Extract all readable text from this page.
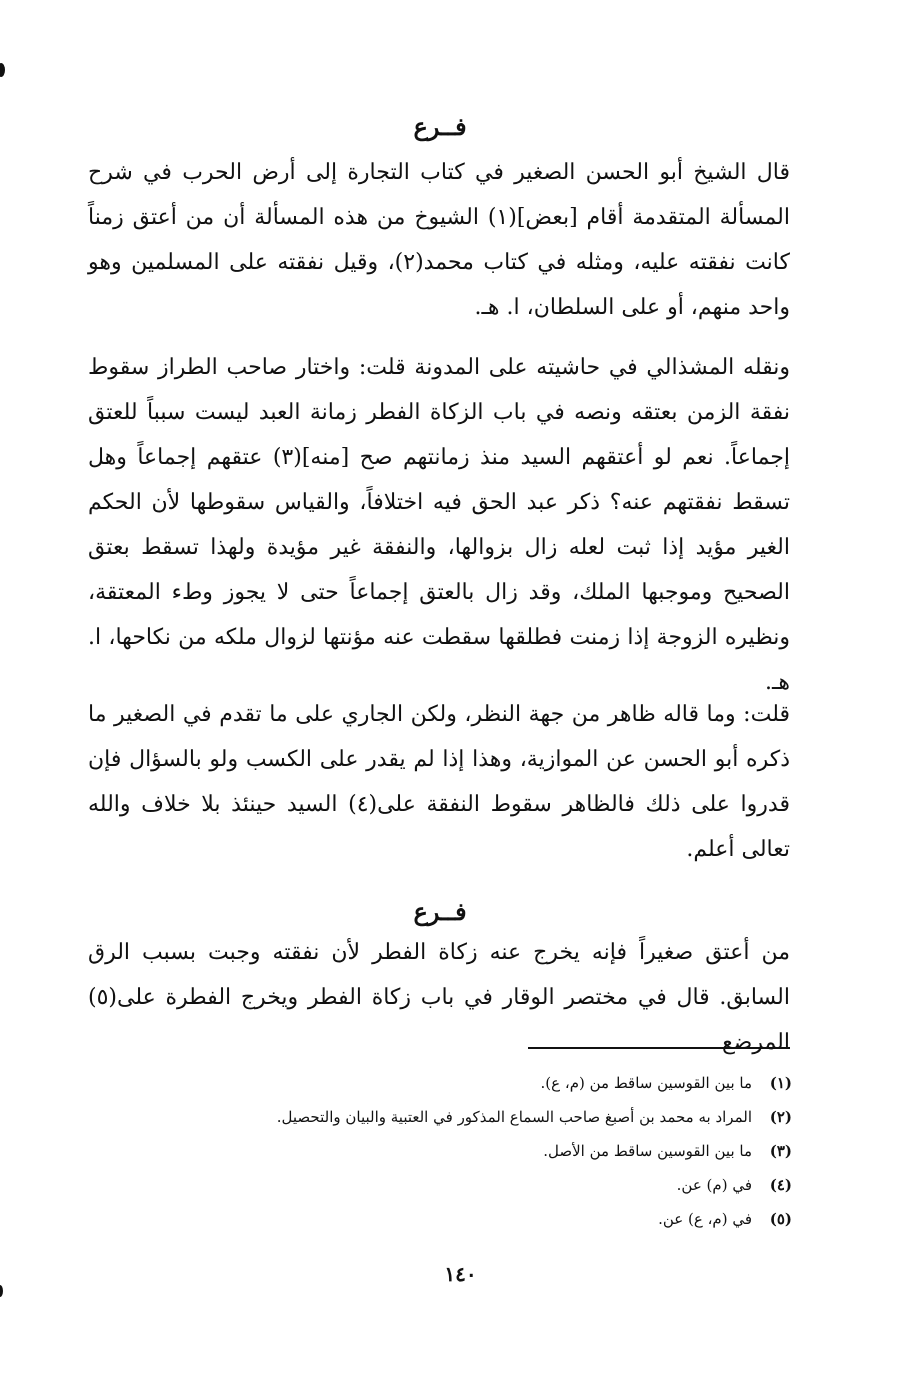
فــرع

قال الشيخ أبو الحسن الصغير في كتاب التجارة إلى أرض الحرب في شرح المسألة المتقدمة أقام [بعض](١) الشيوخ من هذه المسألة أن من أعتق زمناً كانت نفقته عليه، ومثله في كتاب محمد(٢)، وقيل نفقته على المسلمين وهو واحد منهم، أو على السلطان، ا. هـ.

ونقله المشذالي في حاشيته على المدونة قلت: واختار صاحب الطراز سقوط نفقة الزمن بعتقه ونصه في باب الزكاة الفطر زمانة العبد ليست سبباً للعتق إجماعاً. نعم لو أعتقهم السيد منذ زمانتهم صح [منه](٣) عتقهم إجماعاً وهل تسقط نفقتهم عنه؟ ذكر عبد الحق فيه اختلافاً، والقياس سقوطها لأن الحكم الغير مؤيد إذا ثبت لعله زال بزوالها، والنفقة غير مؤيدة ولهذا تسقط بعتق الصحيح وموجبها الملك، وقد زال بالعتق إجماعاً حتى لا يجوز وطء المعتقة، ونظيره الزوجة إذا زمنت فطلقها سقطت عنه مؤنتها لزوال ملكه من نكاحها، ا. هـ.

قلت: وما قاله ظاهر من جهة النظر، ولكن الجاري على ما تقدم في الصغير ما ذكره أبو الحسن عن الموازية، وهذا إذا لم يقدر على الكسب ولو بالسؤال فإن قدروا على ذلك فالظاهر سقوط النفقة على(٤) السيد حينئذ بلا خلاف والله تعالى أعلم.

فــرع

من أعتق صغيراً فإنه يخرج عنه زكاة الفطر لأن نفقته وجبت بسبب الرق السابق. قال في مختصر الوقار في باب زكاة الفطر ويخرج الفطرة على(٥) المرضع

(١)
ما بين القوسين ساقط من (م، ع).
(٢)
المراد به محمد بن أصبغ صاحب السماع المذكور في العتبية والبيان والتحصيل.
(٣)
ما بين القوسين ساقط من الأصل.
(٤)
في (م) عن.
(٥)
في (م، ع) عن.
١٤٠
